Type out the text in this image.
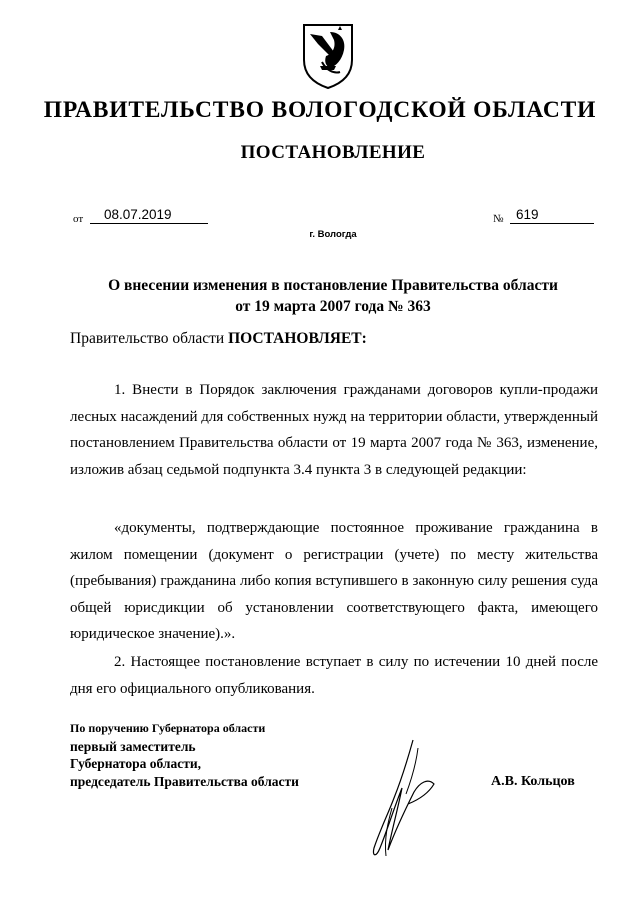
ПРАВИТЕЛЬСТВО ВОЛОГОДСКОЙ ОБЛАСТИ
ПОСТАНОВЛЕНИЕ
от 08.07.2019	№ 619
г. Вологда
О внесении изменения в постановление Правительства области
от 19 марта 2007 года № 363
Правительство области ПОСТАНОВЛЯЕТ:
1. Внести в Порядок заключения гражданами договоров купли-продажи лесных насаждений для собственных нужд на территории области, утвержденный постановлением Правительства области от 19 марта 2007 года № 363, изменение, изложив абзац седьмой подпункта 3.4 пункта 3 в следующей редакции:
«документы, подтверждающие постоянное проживание гражданина в жилом помещении (документ о регистрации (учете) по месту жительства (пребывания) гражданина либо копия вступившего в законную силу решения суда общей юрисдикции об установлении соответствующего факта, имеющего юридическое значение).».
2. Настоящее постановление вступает в силу по истечении 10 дней после дня его официального опубликования.
По поручению Губернатора области
первый заместитель
Губернатора области,
председатель Правительства области	А.В. Кольцов
